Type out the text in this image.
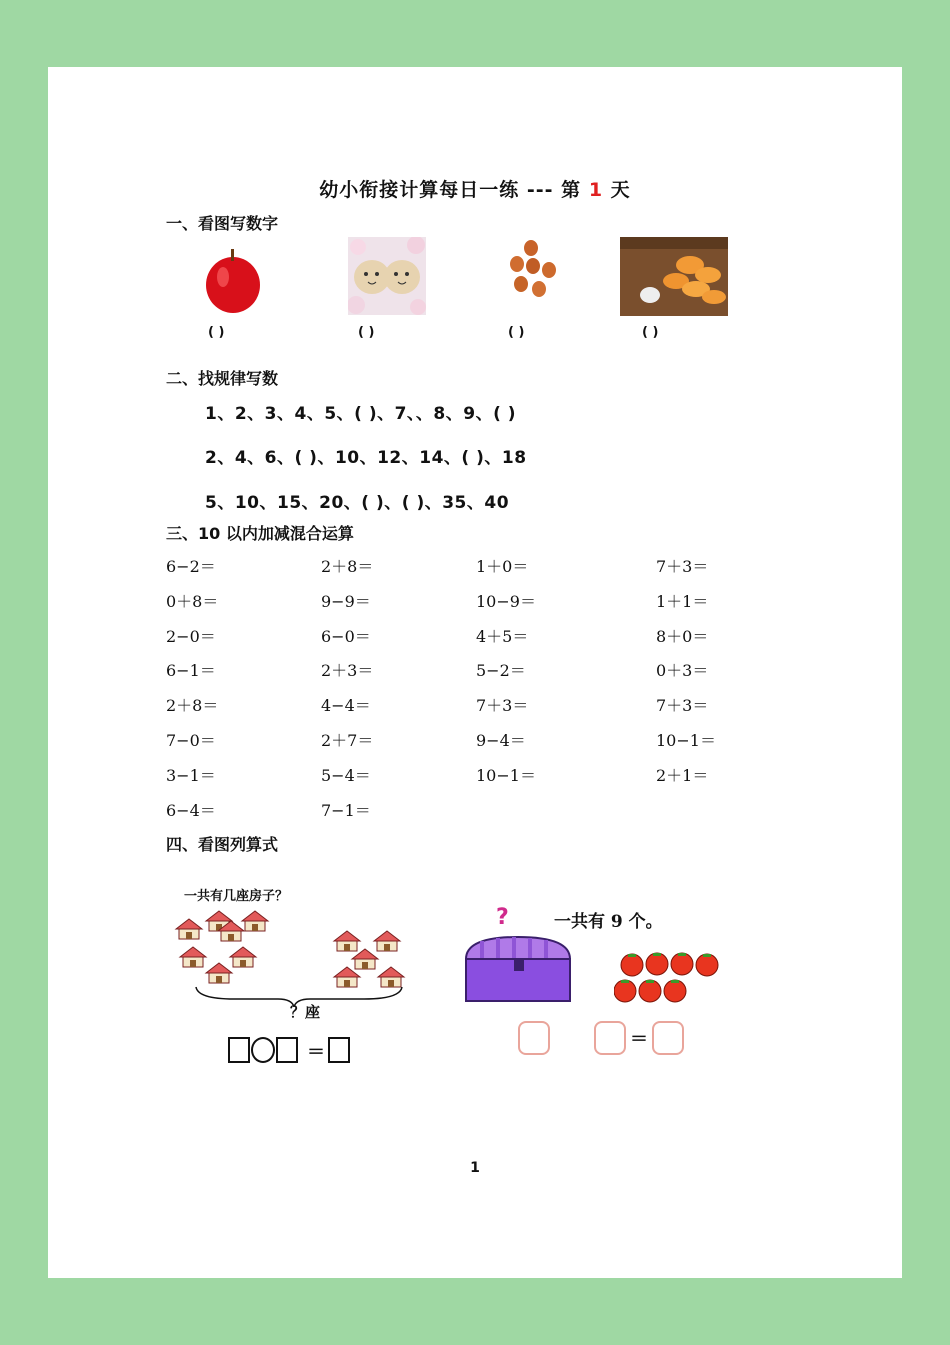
幼小衔接计算每日一练 --- 第 1 天
一、看图写数字
( )	( )	( )	( )
二、找规律写数
1、2、3、4、5、( )、7、、8、9、( )
2、4、6、( )、10、12、14、( )、18
5、10、15、20、( )、( )、35、40
三、10 以内加减混合运算
6−2＝	2＋8＝	1＋0＝	7＋3＝
0＋8＝	9−9＝	10−9＝	1＋1＝
2−0＝	6−0＝	4＋5＝	8＋0＝
6−1＝	2＋3＝	5−2＝	0＋3＝
2＋8＝	4−4＝	7＋3＝	7＋3＝
7−0＝	2＋7＝	9−4＝	10−1＝
3−1＝	5−4＝	10−1＝	2＋1＝
6−4＝	7−1＝
四、看图列算式
一共有几座房子？
？座
＝
?	一共有 9 个。
＝
1
